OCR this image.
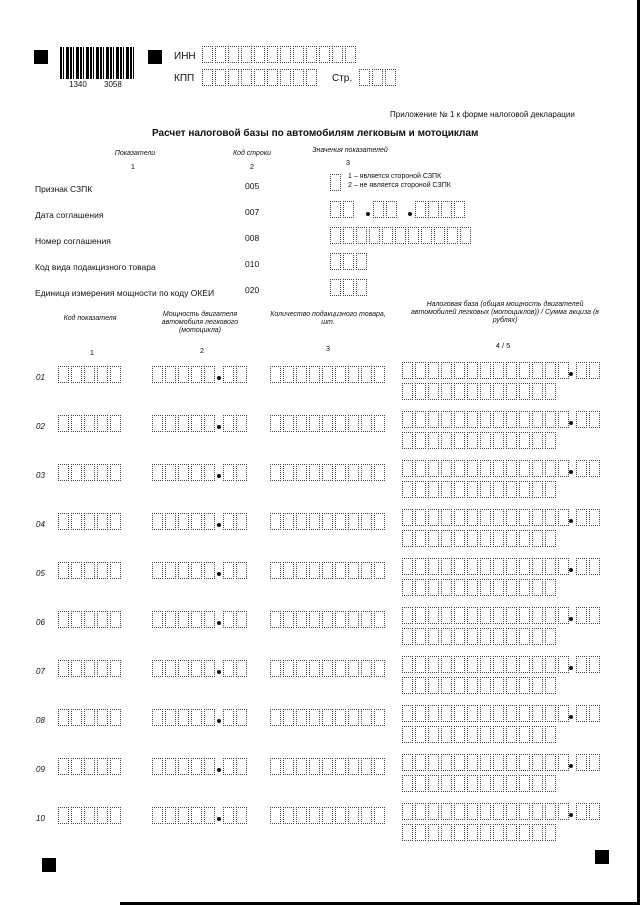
1340 3058
ИНН
КПП	Стр.
Приложение № 1 к форме налоговой декларации
Расчет налоговой базы по автомобилям легковым и мотоциклам
Показатели	Код строки	Значения показателей
1	2	3
Признак СЗПК	005
1 – является стороной СЗПК
2 – не является стороной СЗПК
Дата соглашения	007
Номер соглашения	008
Код вида подакцизного товара	010
Единица измерения мощности по коду ОКЕИ	020
Код показателя
Мощность двигателя автомобиля легкового (мотоцикла)
Количество подакцизного товара, шт.
Налоговая база (общая мощность двигателей автомобилей легковых (мотоциклов)) / Сумма акциза (в рублях)
1	2	3	4 / 5
01
02
03
04
05
06
07
08
09
10
